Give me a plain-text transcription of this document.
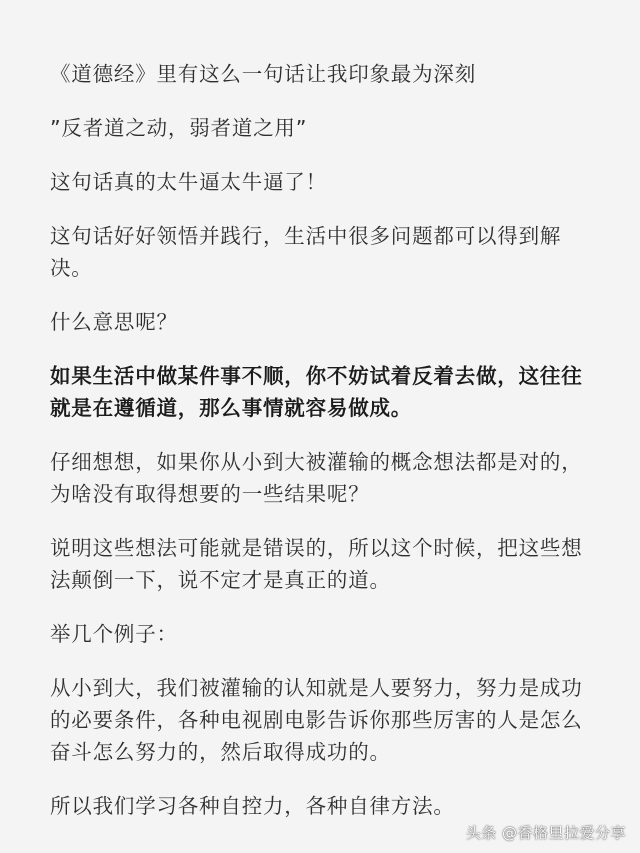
《道德经》里有这么一句话让我印象最为深刻

”反者道之动，弱者道之用”

这句话真的太牛逼太牛逼了！

这句话好好领悟并践行，生活中很多问题都可以得到解决。

什么意思呢？

如果生活中做某件事不顺，你不妨试着反着去做，这往往就是在遵循道，那么事情就容易做成。

仔细想想，如果你从小到大被灌输的概念想法都是对的，为啥没有取得想要的一些结果呢？

说明这些想法可能就是错误的，所以这个时候，把这些想法颠倒一下，说不定才是真正的道。

举几个例子：

从小到大，我们被灌输的认知就是人要努力，努力是成功的必要条件，各种电视剧电影告诉你那些厉害的人是怎么奋斗怎么努力的，然后取得成功的。

所以我们学习各种自控力，各种自律方法。

头条 @香格里拉爱分享
